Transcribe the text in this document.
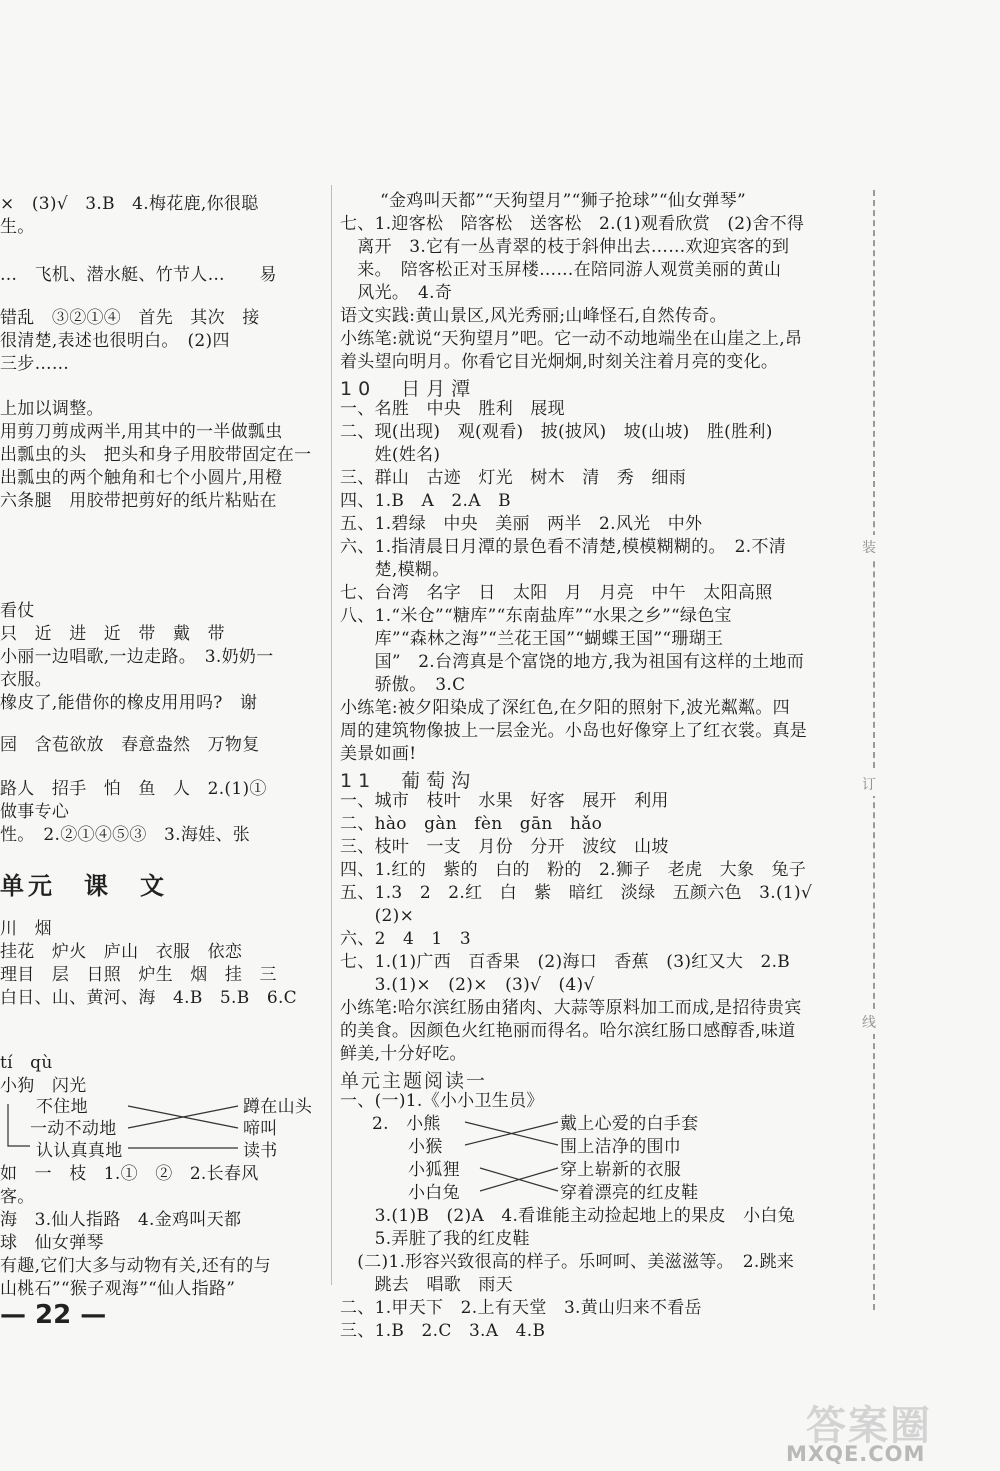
×　(3)√　3.B　4.梅花鹿,你很聪
生。
…　飞机、潜水艇、竹节人…　　易
错乱　③②①④　首先　其次　接
很清楚,表述也很明白。　(2)四
三步……
上加以调整。
用剪刀剪成两半,用其中的一半做瓢虫
出瓢虫的头　把头和身子用胶带固定在一
出瓢虫的两个触角和七个小圆片,用橙
六条腿　用胶带把剪好的纸片粘贴在
看仗
只　近　进　近　带　戴　带
小丽一边唱歌,一边走路。　3.奶奶一
衣服。
橡皮了,能借你的橡皮用用吗?　谢
园　含苞欲放　春意盎然　万物复
路人　招手　怕　鱼　人　2.(1)①
做事专心
性。　2.②①④⑤③　3.海娃、张
单元　课　文
川　烟
挂花　炉火　庐山　衣服　依恋
理目　层　日照　炉生　烟　挂　三
白日、山、黄河、海　4.B　5.B　6.C
tí　qù
小狗　闪光
不住地
一动不动地
认认真真地
蹲在山头
啼叫
读书
如　一　枝　1.①　②　2.长春风
客。
海　3.仙人指路　4.金鸡叫天都
球　仙女弹琴
有趣,它们大多与动物有关,还有的与
山桃石”“猴子观海”“仙人指路”
— 22 —
“金鸡叫天都”“天狗望月”“狮子抢球”“仙女弹琴”
七、1.迎客松　陪客松　送客松　2.(1)观看欣赏　(2)舍不得
　离开　3.它有一丛青翠的枝于斜伸出去……欢迎宾客的到
　来。　陪客松正对玉屏楼……在陪同游人观赏美丽的黄山
　风光。　4.奇
语文实践:黄山景区,风光秀丽;山峰怪石,自然传奇。
小练笔:就说“天狗望月”吧。它一动不动地端坐在山崖之上,昂
着头望向明月。你看它目光炯炯,时刻关注着月亮的变化。
10　日月潭
一、名胜　中央　胜利　展现
二、现(出现)　观(观看)　披(披风)　坡(山坡)　胜(胜利)
　　姓(姓名)
三、群山　古迹　灯光　树木　清　秀　细雨
四、1.B　A　2.A　B
五、1.碧绿　中央　美丽　两半　2.风光　中外
六、1.指清晨日月潭的景色看不清楚,模模糊糊的。　2.不清
　　楚,模糊。
七、台湾　名字　日　太阳　月　月亮　中午　太阳高照
八、1.“米仓”“糖库”“东南盐库”“水果之乡”“绿色宝
　　库”“森林之海”“兰花王国”“蝴蝶王国”“珊瑚王
　　国”　2.台湾真是个富饶的地方,我为祖国有这样的土地而
　　骄傲。　3.C
小练笔:被夕阳染成了深红色,在夕阳的照射下,波光粼粼。四
周的建筑物像披上一层金光。小岛也好像穿上了红衣裳。真是
美景如画!
11　葡萄沟
一、城市　枝叶　水果　好客　展开　利用
二、hào　gàn　fèn　gān　hǎo
三、枝叶　一支　月份　分开　波纹　山坡
四、1.红的　紫的　白的　粉的　2.狮子　老虎　大象　兔子
五、1.3　2　2.红　白　紫　暗红　淡绿　五颜六色　3.(1)√
　　(2)×
六、2　4　1　3
七、1.(1)广西　百香果　(2)海口　香蕉　(3)红又大　2.B
　　3.(1)×　(2)×　(3)√　(4)√
小练笔:哈尔滨红肠由猪肉、大蒜等原料加工而成,是招待贵宾
的美食。因颜色火红艳丽而得名。哈尔滨红肠口感醇香,味道
鲜美,十分好吃。
单元主题阅读一
一、(一)1.《小小卫生员》
2.　小熊
小猴
小狐狸
小白兔
戴上心爱的白手套
围上洁净的围巾
穿上崭新的衣服
穿着漂亮的红皮鞋
　　3.(1)B　(2)A　4.看谁能主动捡起地上的果皮　小白兔
　　5.弄脏了我的红皮鞋
　(二)1.形容兴致很高的样子。乐呵呵、美滋滋等。　2.跳来
　　跳去　唱歌　雨天
二、1.甲天下　2.上有天堂　3.黄山归来不看岳
三、1.B　2.C　3.A　4.B
装
订
线
答案圈
MXQE.COM
